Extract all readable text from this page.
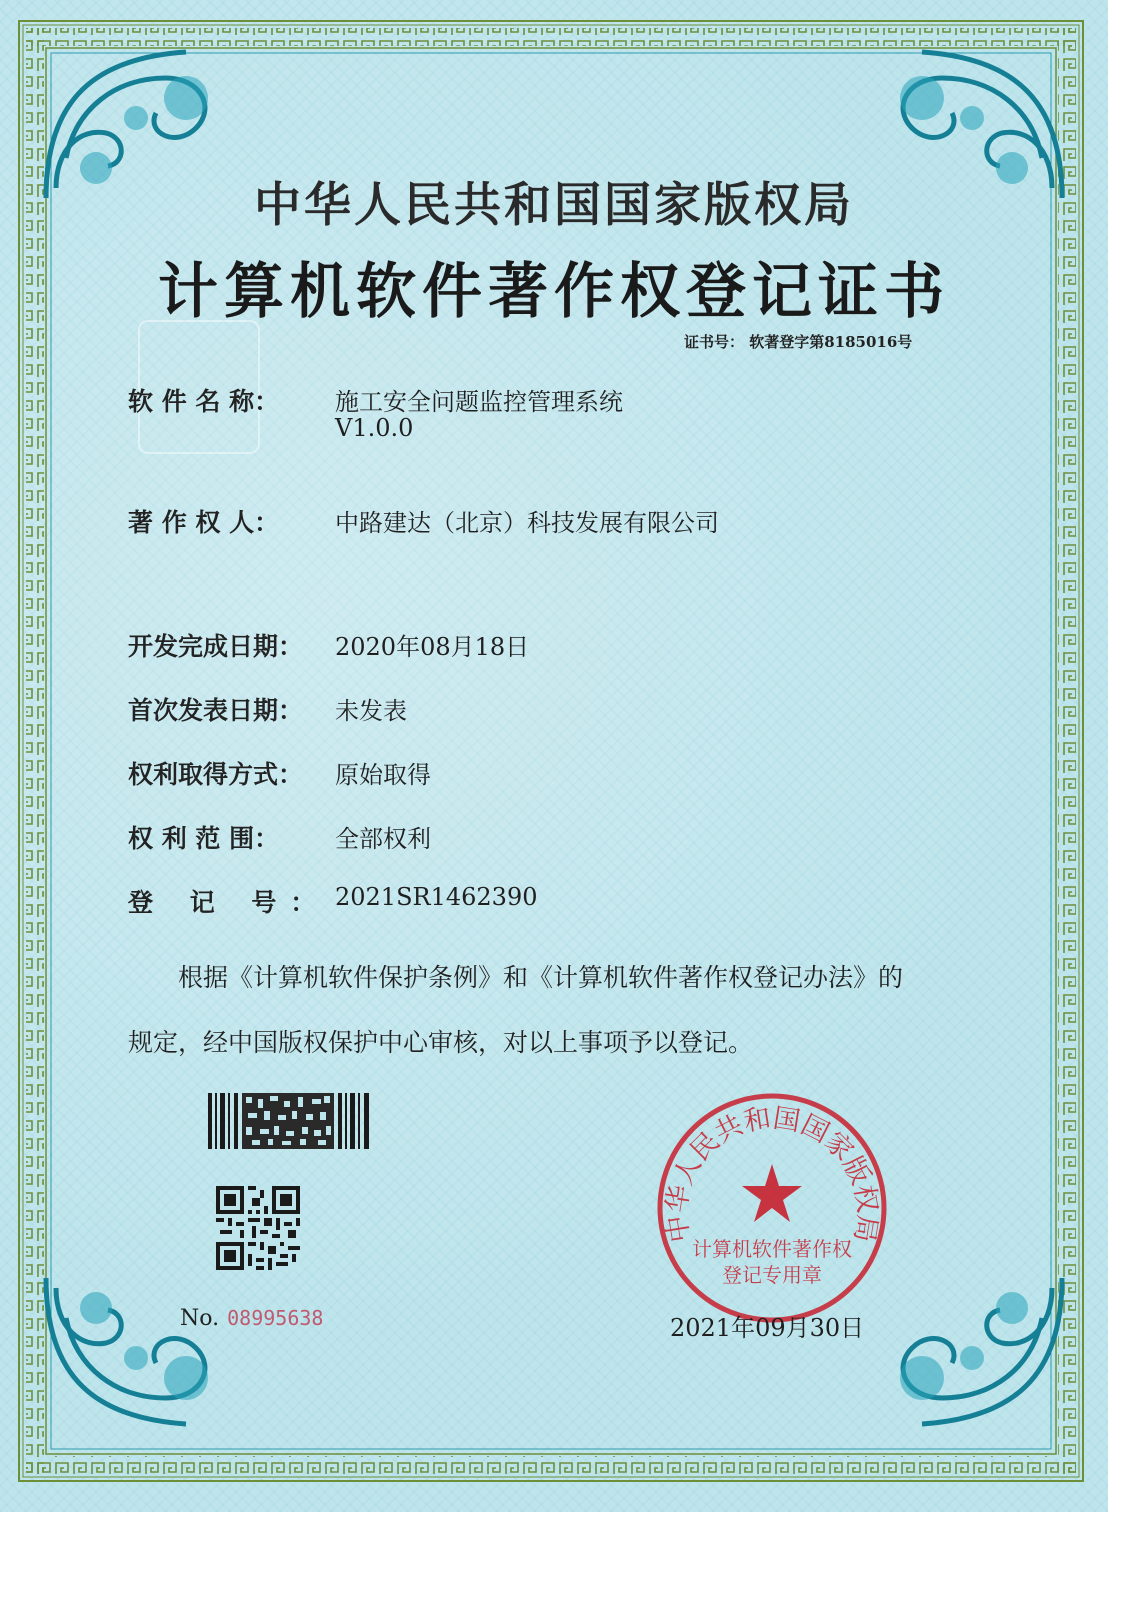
中华人民共和国国家版权局
计算机软件著作权登记证书
证书号： 软著登字第8185016号
软 件 名 称： 施工安全问题监控管理系统
V1.0.0
著 作 权 人： 中路建达（北京）科技发展有限公司
开发完成日期： 2020年08月18日
首次发表日期： 未发表
权利取得方式： 原始取得
权 利 范 围： 全部权利
登 记 号： 2021SR1462390
根据《计算机软件保护条例》和《计算机软件著作权登记办法》的
规定，经中国版权保护中心审核，对以上事项予以登记。
No. 08995638
中华人民共和国国家版权局
计算机软件著作权
登记专用章
2021年09月30日
